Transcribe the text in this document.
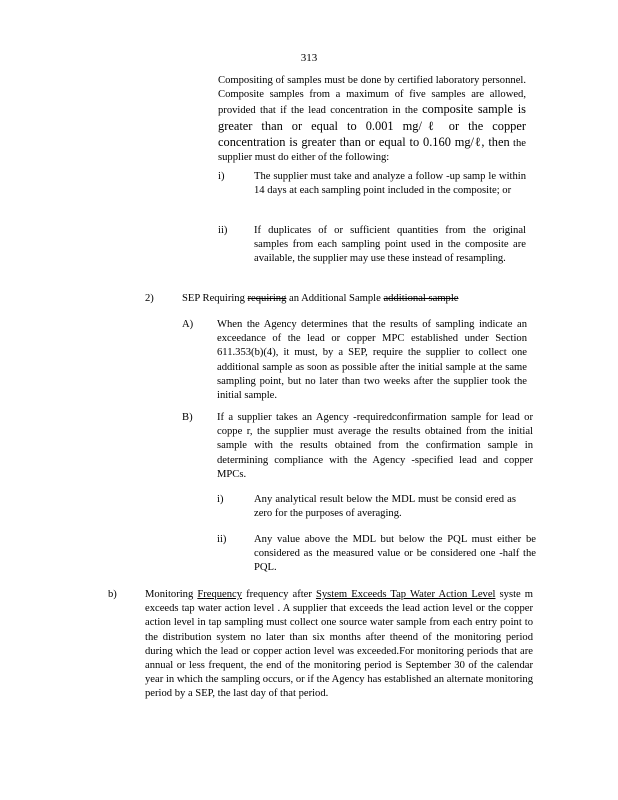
313
Compositing of samples must be done by certified laboratory personnel. Composite samples from a maximum of five samples are allowed, provided that if the lead concentration in the composite sample is greater than or equal to 0.001 mg/ℓ or the copper concentration is greater than or equal to 0.160 mg/ℓ, then the supplier must do either of the following:
i)	The supplier must take and analyze a follow -up samp le within 14 days at each sampling point included in the composite; or
ii)	If duplicates of or sufficient quantities from the original samples from each sampling point used in the composite are available, the supplier may use these instead of resampling.
2)	SEP Requiring requiring an Additional Sample additional sample
A) When the Agency determines that the results of sampling indicate an exceedance of the lead or copper MPC established under Section 611.353(b)(4), it must, by a SEP, require the supplier to collect one additional sample as soon as possible after the initial sample at the same sampling point, but no later than two weeks after the supplier took the initial sample.
B) If a supplier takes an Agency -requiredconfirmation sample for lead or coppe r, the supplier must average the results obtained from the initial sample with the results obtained from the confirmation sample in determining compliance with the Agency -specified lead and copper MPCs.
i)	Any analytical result below the MDL must be consid ered as zero for the purposes of averaging.
ii)	Any value above the MDL but below the PQL must either be considered as the measured value or be considered one -half the PQL.
b)	Monitoring Frequency frequency after System Exceeds Tap Water Action Level syste m exceeds tap water action level . A supplier that exceeds the lead action level or the copper action level in tap sampling must collect one source water sample from each entry point to the distribution system no later than six months after theend of the monitoring period during which the lead or copper action level was exceeded.For monitoring periods that are annual or less frequent, the end of the monitoring period is September 30 of the calendar year in which the sampling occurs, or if the Agency has established an alternate monitoring period by a SEP, the last day of that period.
